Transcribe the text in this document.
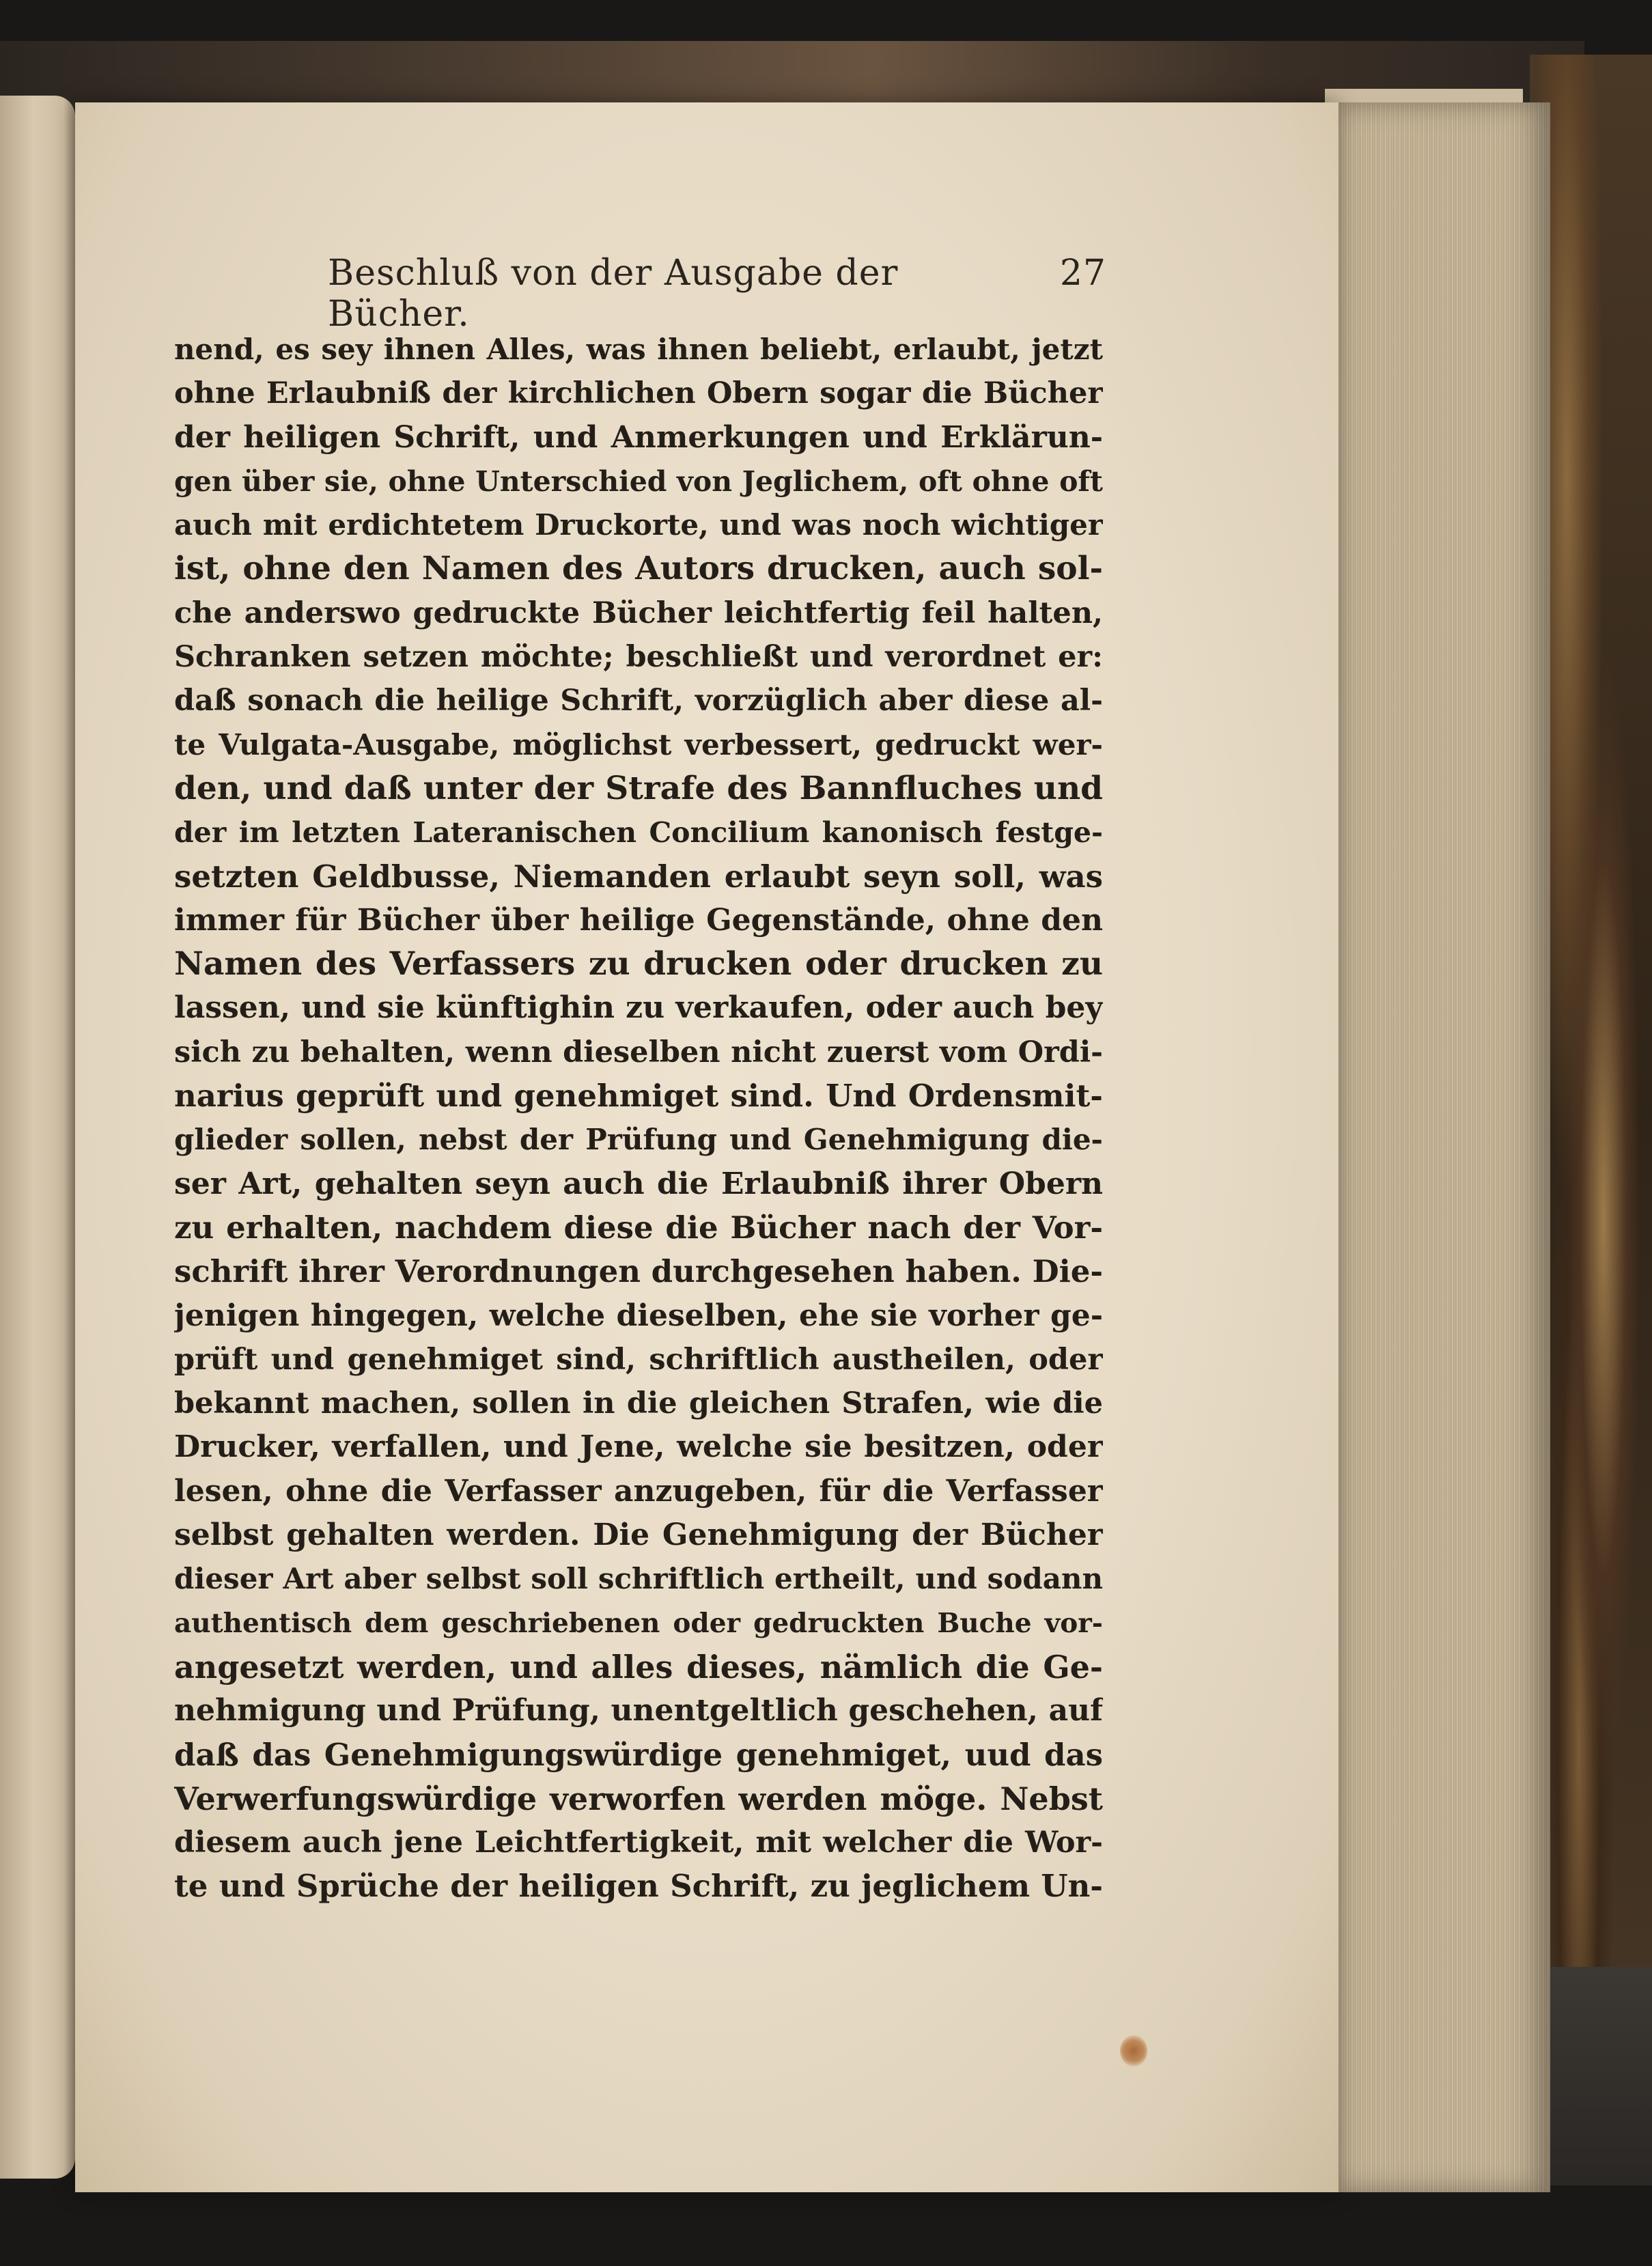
Beschluß von der Ausgabe der Bücher.
27
nend, es sey ihnen Alles, was ihnen beliebt, erlaubt, jetzt
ohne Erlaubniß der kirchlichen Obern sogar die Bücher
der heiligen Schrift, und Anmerkungen und Erklärun-
gen über sie, ohne Unterschied von Jeglichem, oft ohne oft
auch mit erdichtetem Druckorte, und was noch wichtiger
ist, ohne den Namen des Autors drucken, auch sol-
che anderswo gedruckte Bücher leichtfertig feil halten,
Schranken setzen möchte; beschließt und verordnet er:
daß sonach die heilige Schrift, vorzüglich aber diese al-
te Vulgata-Ausgabe, möglichst verbessert, gedruckt wer-
den, und daß unter der Strafe des Bannfluches und
der im letzten Lateranischen Concilium kanonisch festge-
setzten Geldbusse, Niemanden erlaubt seyn soll, was
immer für Bücher über heilige Gegenstände, ohne den
Namen des Verfassers zu drucken oder drucken zu
lassen, und sie künftighin zu verkaufen, oder auch bey
sich zu behalten, wenn dieselben nicht zuerst vom Ordi-
narius geprüft und genehmiget sind. Und Ordensmit-
glieder sollen, nebst der Prüfung und Genehmigung die-
ser Art, gehalten seyn auch die Erlaubniß ihrer Obern
zu erhalten, nachdem diese die Bücher nach der Vor-
schrift ihrer Verordnungen durchgesehen haben. Die-
jenigen hingegen, welche dieselben, ehe sie vorher ge-
prüft und genehmiget sind, schriftlich austheilen, oder
bekannt machen, sollen in die gleichen Strafen, wie die
Drucker, verfallen, und Jene, welche sie besitzen, oder
lesen, ohne die Verfasser anzugeben, für die Verfasser
selbst gehalten werden. Die Genehmigung der Bücher
dieser Art aber selbst soll schriftlich ertheilt, und sodann
authentisch dem geschriebenen oder gedruckten Buche vor-
angesetzt werden, und alles dieses, nämlich die Ge-
nehmigung und Prüfung, unentgeltlich geschehen, auf
daß das Genehmigungswürdige genehmiget, uud das
Verwerfungswürdige verworfen werden möge. Nebst
diesem auch jene Leichtfertigkeit, mit welcher die Wor-
te und Sprüche der heiligen Schrift, zu jeglichem Un-
